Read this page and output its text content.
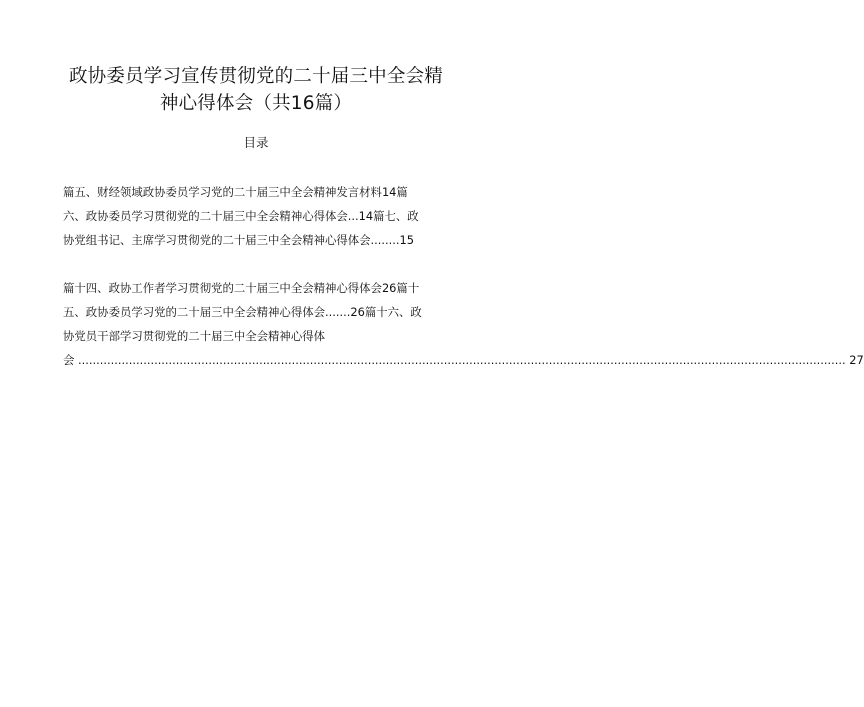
政协委员学习宣传贯彻党的二十届三中全会精
神心得体会（共16篇）
目录
篇五、财经领域政协委员学习党的二十届三中全会精神发言材料14篇
六、政协委员学习贯彻党的二十届三中全会精神心得体会...14篇七、政
协党组书记、主席学习贯彻党的二十届三中全会精神心得体会........15
篇十四、政协工作者学习贯彻党的二十届三中全会精神心得体会26篇十
五、政协委员学习党的二十届三中全会精神心得体会.......26篇十六、政
协党员干部学习贯彻党的二十届三中全会精神心得体
会 .................................................................................................................................................................................................................... 27
